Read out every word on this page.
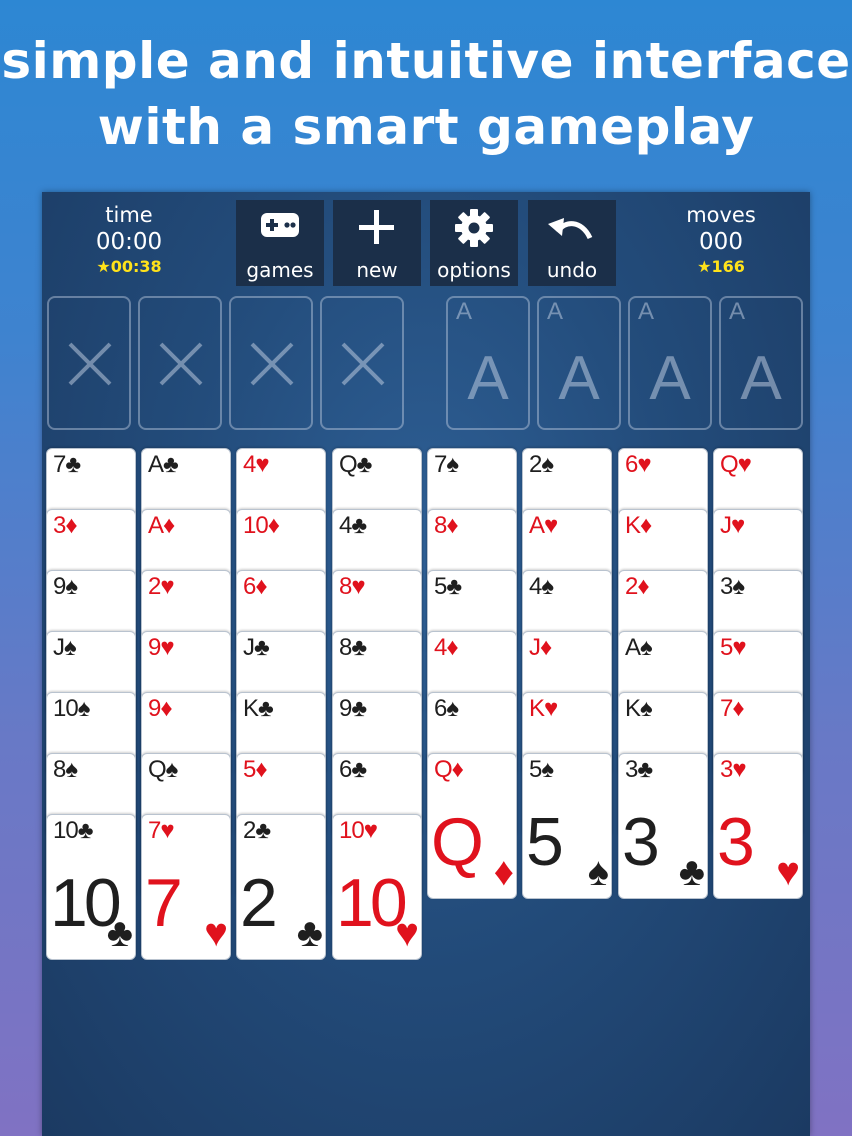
simple and intuitive interface
with a smart gameplay
time
00:00
★00:38	games	new	options	undo
moves
000
★166
A
A
A
A
A
A
A
A
7♣
3♦
9♠
J♠
10♠
8♠
10♣
10
♣
A♣
A♦
2♥
9♥
9♦
Q♠
7♥
7 ♥
4♥
10♦
6♦
J♣
K♣
5♦
2♣
2 ♣
Q♣
4♣
8♥
8♣
9♣
6♣
10♥
10
♥
7♠
8♦
5♣
4♦
6♠
Q♦
Q ♦
2♠
A♥
4♠
J♦
K♥
5♠
5 ♠
6♥
K♦
2♦
A♠
K♠
3♣
3 ♣
Q♥
J♥
3♠
5♥
7♦
3♥
3 ♥
